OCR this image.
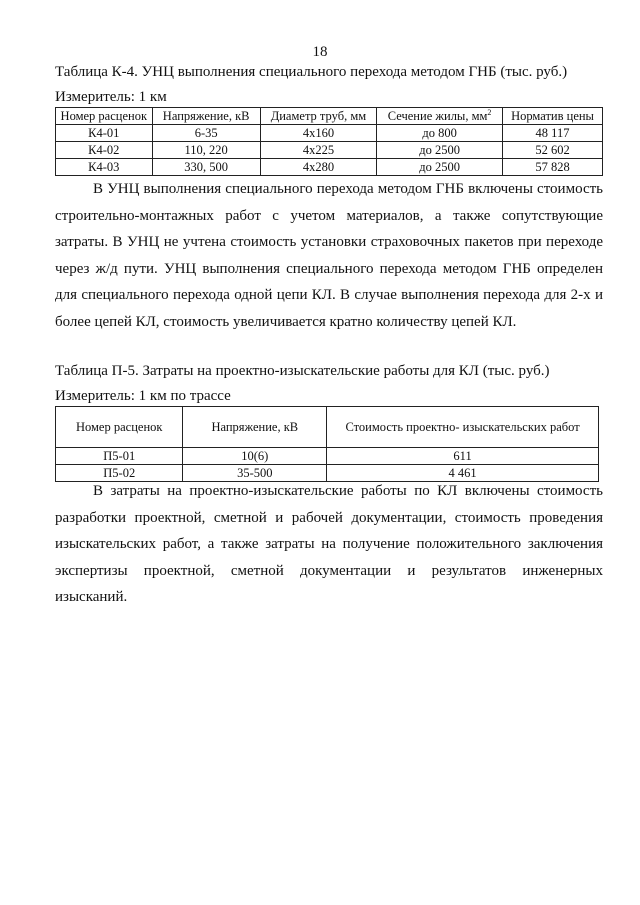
18
Таблица К-4. УНЦ выполнения специального перехода методом ГНБ (тыс. руб.)
Измеритель: 1 км
Номер расценок	Напряжение, кВ	Диаметр труб, мм	Сечение жилы, $мм^2$	Норматив цены
К4-01	6-35	4х160	до 800	48 117
К4-02	110, 220	4х225	до 2500	52 602
К4-03	330, 500	4х280	до 2500	57 828

В УНЦ выполнения специального перехода методом ГНБ включены стоимость строительно-монтажных работ с учетом материалов, а также сопутствующие затраты. В УНЦ не учтена стоимость установки страховочных пакетов при переходе через ж/д пути. УНЦ выполнения специального перехода методом ГНБ определен для специального перехода одной цепи КЛ. В случае выполнения перехода для 2-х и более цепей КЛ, стоимость увеличивается кратно количеству цепей КЛ.

Таблица П-5. Затраты на проектно-изыскательские работы для КЛ (тыс. руб.)
Измеритель: 1 км по трассе
Номер расценок	Напряжение, кВ	Стоимость проектно- изыскательских работ
П5-01	10(6)	611
П5-02	35-500	4 461

В затраты на проектно-изыскательские работы по КЛ включены стоимость разработки проектной, сметной и рабочей документации, стоимость проведения изыскательских работ, а также затраты на получение положительного заключения экспертизы проектной, сметной документации и результатов инженерных изысканий.
